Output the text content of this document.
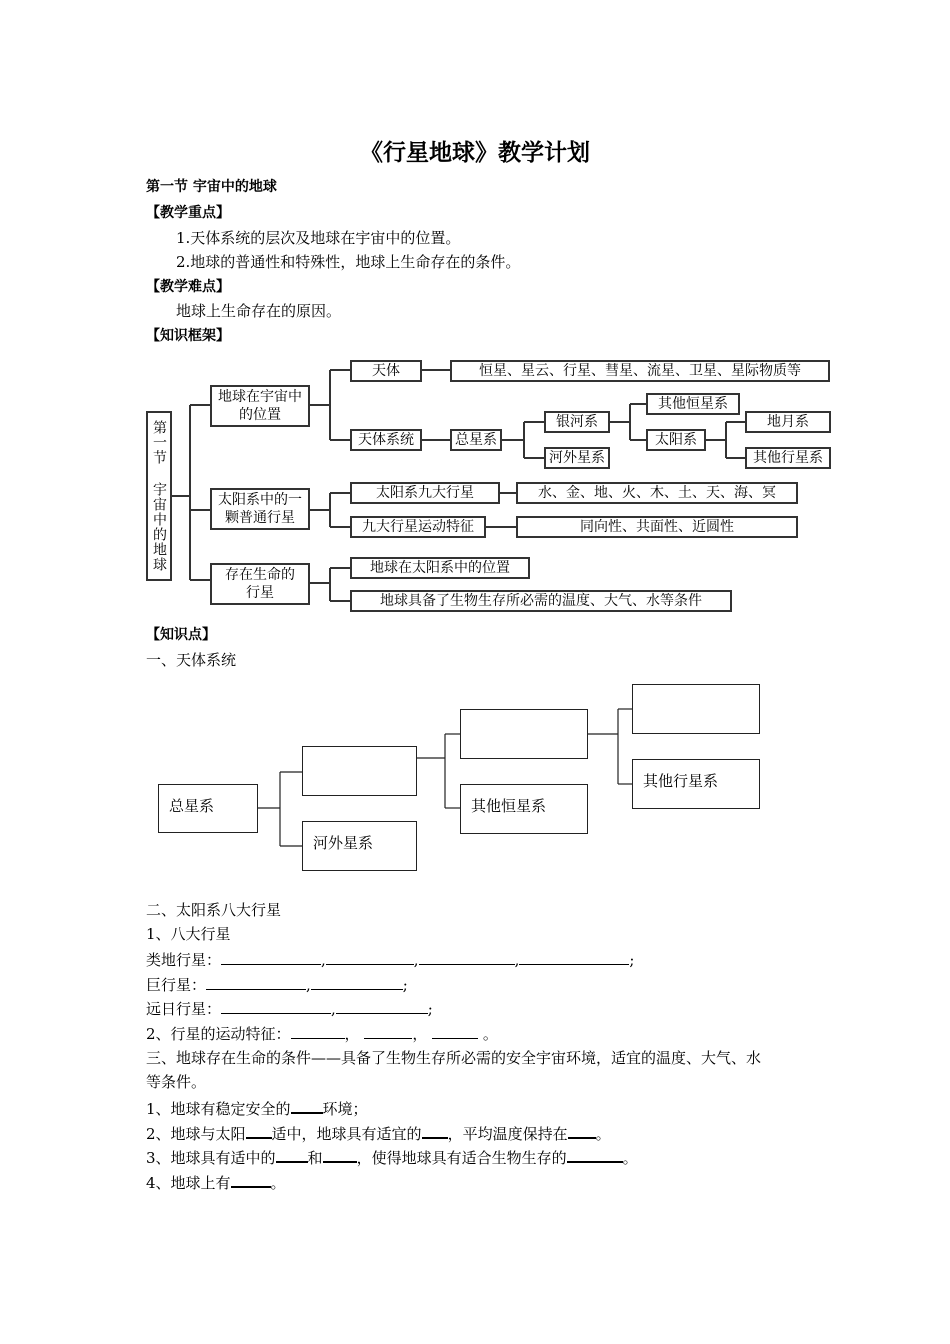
《行星地球》教学计划
第一节 宇宙中的地球
【教学重点】
1.天体系统的层次及地球在宇宙中的位置。
2.地球的普通性和特殊性，地球上生命存在的条件。
【教学难点】
地球上生命存在的原因。
【知识框架】
第一节 宇宙中的地球
地球在宇宙中的位置
天体	恒星、星云、行星、彗星、流星、卫星、星际物质等
天体系统	总星系
银河系
河外星系
其他恒星系
太阳系
地月系
其他行星系
太阳系中的一颗普通行星
太阳系九大行星	水、金、地、火、木、土、天、海、冥
九大行星运动特征	同向性、共面性、近圆性
存在生命的行星
地球在太阳系中的位置
地球具备了生物生存所必需的温度、大气、水等条件
【知识点】
一、天体系统
总星系
河外星系
其他恒星系
其他行星系
二、太阳系八大行星
1、八大行星
类地行星：	,	,	,	;
巨行星：	,	;
远日行星：	,	;
2、行星的运动特征：	，	，	。
三、地球存在生命的条件——具备了生物生存所必需的安全宇宙环境，适宜的温度、大气、水
等条件。
1、地球有稳定安全的 环境；
2、地球与太阳 适中，地球具有适宜的 ，平均温度保持在 。
3、地球具有适中的 和 ，使得地球具有适合生物生存的	。
4、地球上有	。
